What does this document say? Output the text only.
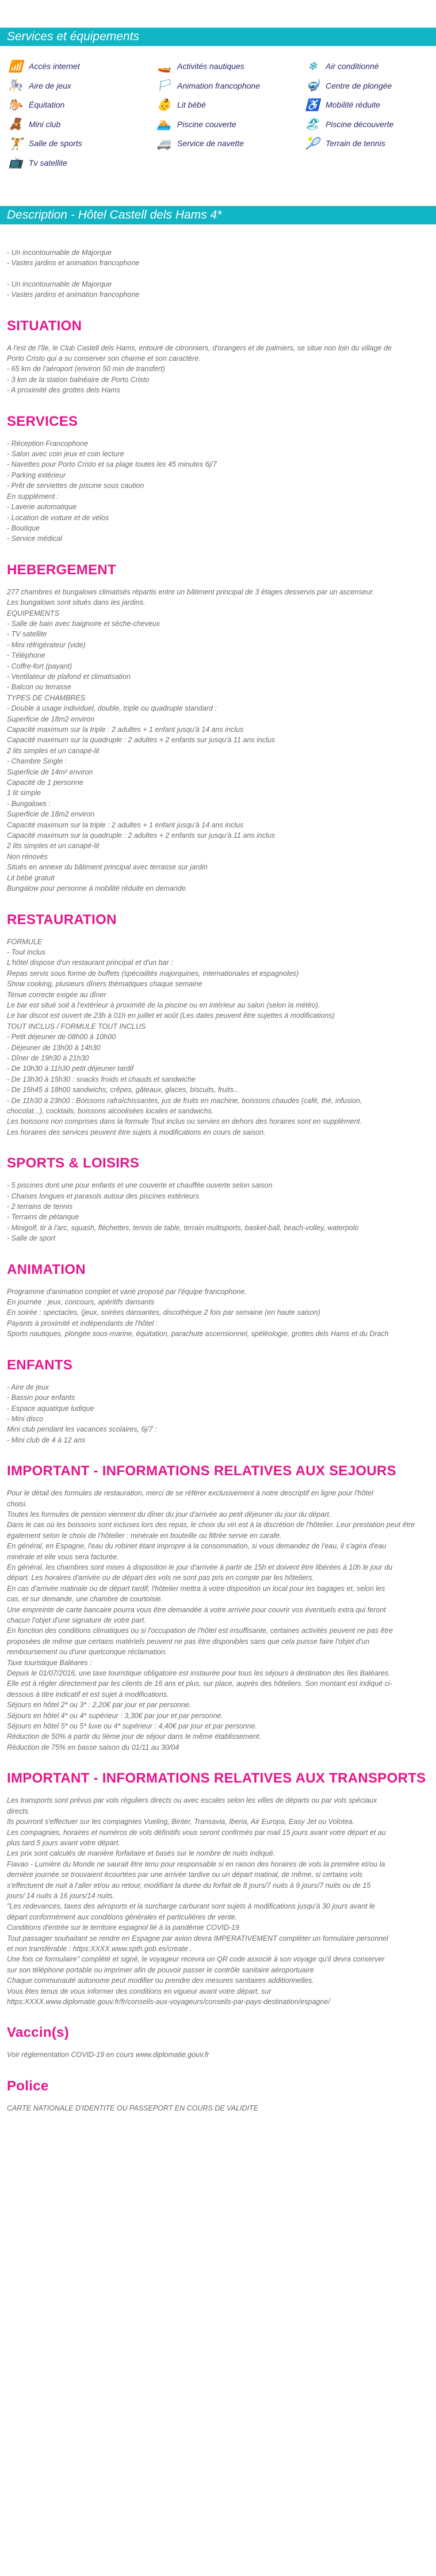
Services et équipements
📶 Accès internet	🚤 Activités nautiques	❄	Air conditionné
🎠 Aire de jeux	🏳 Animation francophone	🤿 Centre de plongée
🐎 Équitation	👶 Lit bébé	♿ Mobilité réduite
🧸 Mini club	🏊 Piscine couverte	🏖 Piscine découverte
🏋 Salle de sports	🚐 Service de navette	🎾 Terrain de tennis
📺 Tv satellite
Description - Hôtel Castell dels Hams 4*

- Un incontournable de Majorque

- Vastes jardins et animation francophone

- Un incontournable de Majorque

- Vastes jardins et animation francophone

SITUATION

A l'est de l'île, le Club Castell dels Hams, entouré de citronniers, d'orangers et de palmiers, se situe non loin du village de

Porto Cristo qui a su conserver son charme et son caractère.

- 65 km de l'aéroport (environ 50 min de transfert)

- 3 km de la station balnéaire de Porto Cristo

- A proximité des grottes dels Hams

SERVICES

- Réception Francophone

- Salon avec coin jeux et coin lecture

- Navettes pour Porto Cristo et sa plage toutes les 45 minutes 6j/7

- Parking extérieur

- Prêt de serviettes de piscine sous caution

En supplément :

- Laverie automatique

- Location de voiture et de vélos

- Boutique

- Service médical

HEBERGEMENT

277 chambres et bungalows climatisés répartis entre un bâtiment principal de 3 étages desservis par un ascenseur.

Les bungalows sont situés dans les jardins.

EQUIPEMENTS

- Salle de bain avec baignoire et sèche-cheveux

- TV satellite

- Mini réfrigérateur (vide)

- Téléphone

- Coffre-fort (payant)

- Ventilateur de plafond et climatisation

- Balcon ou terrasse

TYPES DE CHAMBRES

- Double à usage individuel, double, triple ou quadruple standard :

Superficie de 18m2 environ

Capacité maximum sur la triple : 2 adultes + 1 enfant jusqu'à 14 ans inclus

Capacité maximum sur la quadruple : 2 adultes + 2 enfants sur jusqu'à 11 ans inclus

2 lits simples et un canapé-lit

- Chambre Single :

Superficie de 14m² environ

Capacité de 1 personne

1 lit simple

- Bungalows :

Superficie de 18m2 environ

Capacité maximum sur la triple : 2 adultes + 1 enfant jusqu'à 14 ans inclus

Capacité maximum sur la quadruple : 2 adultes + 2 enfants sur jusqu'à 11 ans inclus

2 lits simples et un canapé-lit

Non rénovés

Situés en annexe du bâtiment principal avec terrasse sur jardin

Lit bébé gratuit

Bungalow pour personne à mobilité réduite en demande.

RESTAURATION

FORMULE

- Tout inclus

L'hôtel dispose d'un restaurant principal et d'un bar :

Repas servis sous forme de buffets (spécialités majorquines, internationales et espagnoles)

Show cooking, plusieurs dîners thématiques chaque semaine

Tenue correcte exigée au dîner

Le bar est situé soit à l'extérieur à proximité de la piscine ou en intérieur au salon (selon la météo).

Le bar discot est ouvert de 23h à 01h en juillet et août (Les dates peuvent être sujettes à modifications)

TOUT INCLUS / FORMULE TOUT INCLUS

- Petit déjeuner de 08h00 à 10h00

- Déjeuner de 13h00 à 14h30

- Dîner de 19h30 à 21h30

- De 10h30 à 11h30 petit déjeuner tardif

- De 13h30 à 15h30 : snacks froids et chauds et sandwiche

- De 15h45 à 18h00 sandwichs, crêpes, gâteaux, glaces, biscuits, fruits...

- De 11h30 à 23h00 : Boissons rafraîchissantes, jus de fruits en machine, boissons chaudes (café, thé, infusion,

chocolat...), cocktails, boissons alcoolisées locales et sandwichs.

Les boissons non comprises dans la formule Tout inclus ou servies en dehors des horaires sont en supplément.

Les horaires des services peuvent être sujets à modifications en cours de saison.

SPORTS & LOISIRS

- 5 piscines dont une pour enfants et une couverte et chauffée ouverte selon saison

- Chaises longues et parasols autour des piscines extérieurs

- 2 terrains de tennis

- Terrains de pétanque

- Minigolf, tir à l'arc, squash, fléchettes, tennis de table, terrain multisports, basket-ball, beach-volley, waterpolo

- Salle de sport

ANIMATION

Programme d'animation complet et varié proposé par l'équipe francophone.

En journée : jeux, concours, apéritifs dansants

En soirée : spectacles, (jeux, soirées dansantes, discothèque 2 fois par semaine (en haute saison)

Payants à proximité et indépendants de l'hôtel :

Sports nautiques, plongée sous-marine, équitation, parachute ascensionnel, spéléologie, grottes dels Hams et du Drach

ENFANTS

- Aire de jeux

- Bassin pour enfants

- Espace aquatique ludique

- Mini disco

Mini club pendant les vacances scolaires, 6j/7 :

- Mini club de 4 à 12 ans

IMPORTANT - INFORMATIONS RELATIVES AUX SEJOURS

Pour le détail des formules de restauration, merci de se référer exclusivement à notre descriptif en ligne pour l'hôtel

choisi.

Toutes les formules de pension viennent du dîner du jour d'arrivée au petit déjeuner du jour du départ.

Dans le cas où les boissons sont incluses lors des repas, le choix du vin est à la discrétion de l'hôtelier. Leur prestation peut être

également selon le choix de l'hôtelier : minérale en bouteille ou filtrée servie en carafe.

En général, en Espagne, l'eau du robinet étant impropre à la consommation, si vous demandez de l'eau, il s'agira d'eau

minérale et elle vous sera facturée.

En général, les chambres sont mises à disposition le jour d'arrivée à partir de 15h et doivent être libérées à 10h le jour du

départ. Les horaires d'arrivée ou de départ des vols ne sont pas pris en compte par les hôteliers.

En cas d'arrivée matinale ou de départ tardif, l'hôtelier mettra à votre disposition un local pour les bagages et, selon les

cas, et sur demande, une chambre de courtoisie.

Une empreinte de carte bancaire pourra vous être demandée à votre arrivée pour couvrir vos éventuels extra qui feront

chacun l'objet d'une signature de votre part.

En fonction des conditions climatiques ou si l'occupation de l'hôtel est insuffisante, certaines activités peuvent ne pas être

proposées de même que certains matériels peuvent ne pas être disponibles sans que cela puisse faire l'objet d'un

remboursement ou d'une quelconque réclamation.

Taxe touristique Baléares :

Depuis le 01/07/2016, une taxe touristique obligatoire est instaurée pour tous les séjours à destination des îles Baléares.

Elle est à régler directement par les clients de 16 ans et plus, sur place, auprès des hôteliers. Son montant est indiqué ci-

dessous à titre indicatif et est sujet à modifications.

Séjours en hôtel 2* ou 3* : 2,20€ par jour et par personne.

Séjours en hôtel 4* ou 4* supérieur : 3,30€ par jour et par personne.

Séjours en hôtel 5* ou 5* luxe ou 4* supérieur : 4,40€ par jour et par personne.

Réduction de 50% à partir du 9ème jour de séjour dans le même établissement.

Réduction de 75% en basse saison du 01/11 au 30/04

IMPORTANT - INFORMATIONS RELATIVES AUX TRANSPORTS

Les transports sont prévus par vols réguliers directs ou avec escales selon les villes de départs ou par vols spéciaux

directs.

Ils pourront s'effectuer sur les compagnies Vueling, Binter, Transavia, Iberia, Air Europa, Easy Jet ou Volotea.

Les compagnies, horaires et numéros de vols définitifs vous seront confirmés par mail 15 jours avant votre départ et au

plus tard 5 jours avant votre départ.

Les prix sont calculés de manière forfaitaire et basés sur le nombre de nuits indiqué.

Fiavao - Lumière du Monde ne saurait être tenu pour responsable si en raison des horaires de vols la première et/ou la

dernière journée se trouvaient écourtées par une arrivée tardive ou un départ matinal, de même, si certains vols

s'effectuent de nuit à l'aller et/ou au retour, modifiant la durée du forfait de 8 jours/7 nuits à 9 jours/7 nuits ou de 15

jours/ 14 nuits à 16 jours/14 nuits.

"Les redevances, taxes des aéroports et la surcharge carburant sont sujets à modifications jusqu'à 30 jours avant le

départ conformément aux conditions générales et particulières de vente.

Conditions d'entrée sur le territoire espagnol lié à la pandémie COVID-19

Tout passager souhaitant se rendre en Espagne par avion devra IMPERATIVEMENT compléter un formulaire personnel

et non transférable : https:XXXX.www.spth.gob.es/create .

Une fois ce formulaire" complété et signé, le voyageur recevra un QR code associé à son voyage qu'il devra conserver

sur son téléphone portable ou imprimer afin de pouvoir passer le contrôle sanitaire aéroportuaire

Chaque communauté autonome peut modifier ou prendre des mesures sanitaires additionnelles.

Vous êtes tenus de vous informer des conditions en vigueur avant votre départ, sur

https:XXXX.www.diplomatie.gouv.fr/fr/conseils-aux-voyageurs/conseils-par-pays-destination/espagne/

Vaccin(s)

Voir réglementation COVID-19 en cours www.diplomatie.gouv.fr

Police

CARTE NATIONALE D'IDENTITE OU PASSEPORT EN COURS DE VALIDITE
